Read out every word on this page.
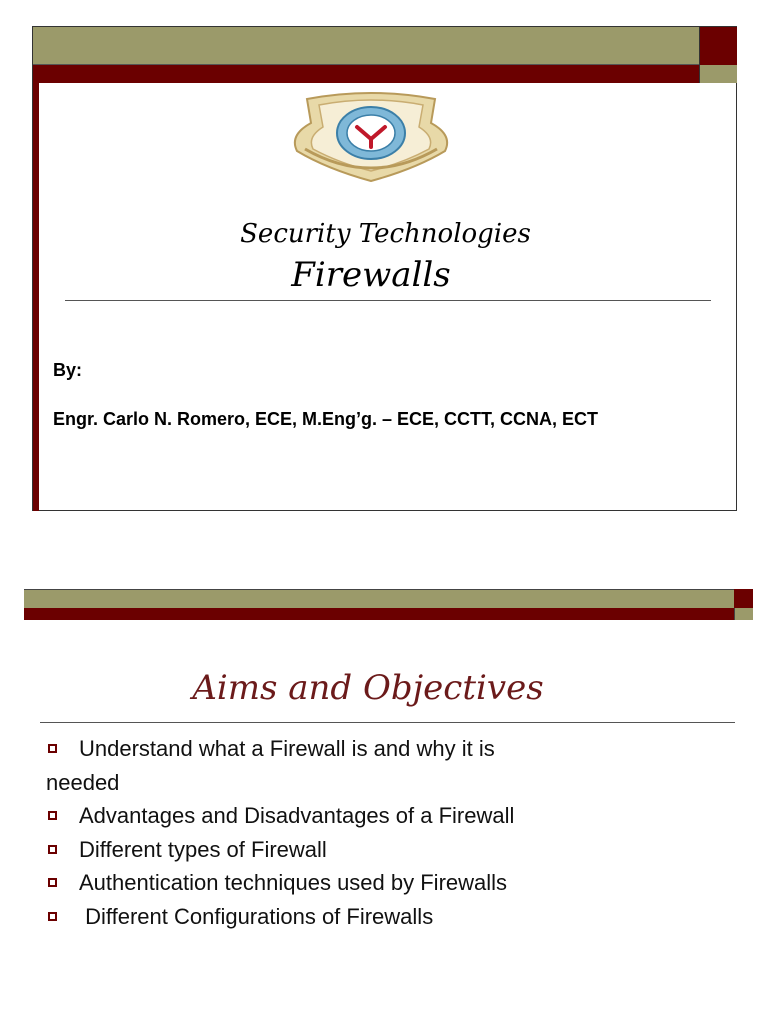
Security Technologies
Firewalls
By:
Engr. Carlo N. Romero, ECE, M.Eng’g. – ECE, CCTT, CCNA, ECT
Aims and Objectives

Understand what a Firewall is and why it is needed

Advantages and Disadvantages of a Firewall

Different types of Firewall

Authentication techniques used by Firewalls

Different Configurations of Firewalls
